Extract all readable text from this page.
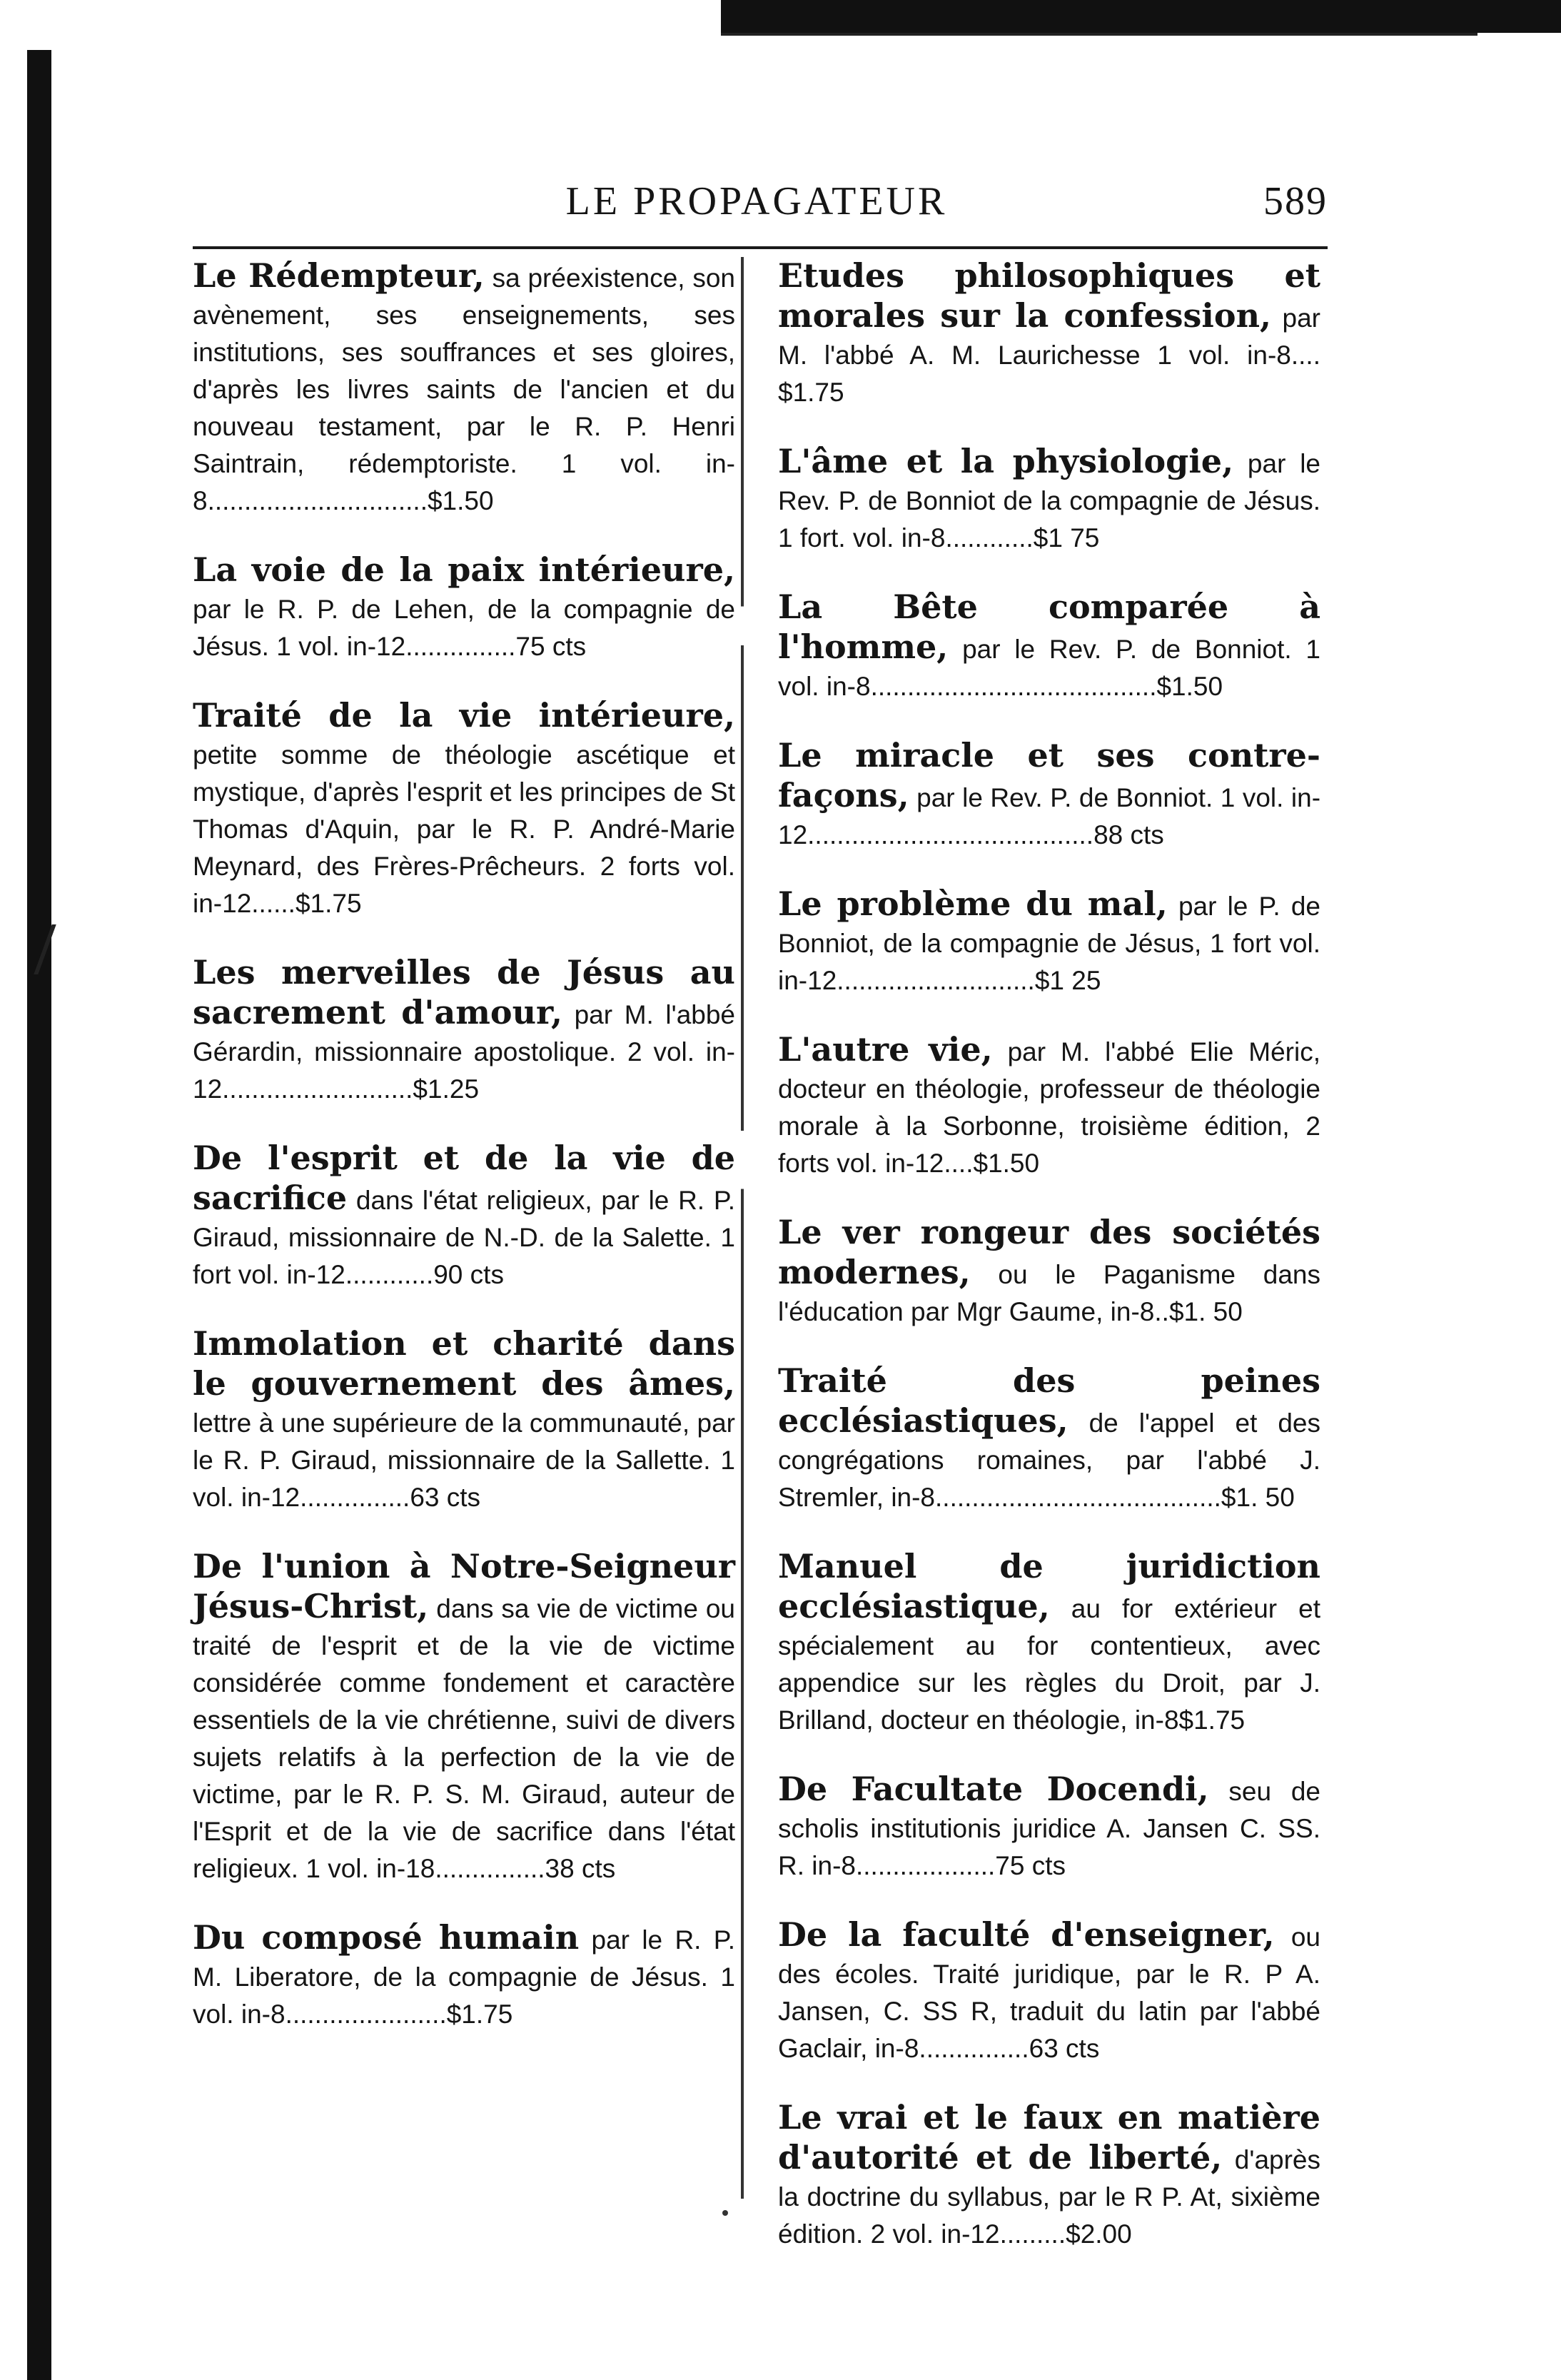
LE PROPAGATEUR	589

Le Rédempteur, sa préexistence, son avènement, ses enseignements, ses institutions, ses souffrances et ses gloires, d'après les livres saints de l'ancien et du nouveau testament, par le R. P. Henri Saintrain, rédemptoriste. 1 vol. in-8..............................$1.50

La voie de la paix intérieure, par le R. P. de Lehen, de la compagnie de Jésus. 1 vol. in-12...............75 cts

Traité de la vie intérieure, petite somme de théologie ascétique et mystique, d'après l'esprit et les principes de St Thomas d'Aquin, par le R. P. André-Marie Meynard, des Frères-Prêcheurs. 2 forts vol. in-12......$1.75

Les merveilles de Jésus au sacrement d'amour, par M. l'abbé Gérardin, missionnaire apostolique. 2 vol. in-12..........................$1.25

De l'esprit et de la vie de sacrifice dans l'état religieux, par le R. P. Giraud, missionnaire de N.-D. de la Salette. 1 fort vol. in-12............90 cts

Immolation et charité dans le gouvernement des âmes, lettre à une supérieure de la communauté, par le R. P. Giraud, missionnaire de la Sallette. 1 vol. in-12...............63 cts

De l'union à Notre-Seigneur Jésus-Christ, dans sa vie de victime ou traité de l'esprit et de la vie de victime considérée comme fondement et caractère essentiels de la vie chrétienne, suivi de divers sujets relatifs à la perfection de la vie de victime, par le R. P. S. M. Giraud, auteur de l'Esprit et de la vie de sacrifice dans l'état religieux. 1 vol. in-18...............38 cts

Du composé humain par le R. P. M. Liberatore, de la compagnie de Jésus. 1 vol. in-8......................$1.75

Etudes philosophiques et morales sur la confession, par M. l'abbé A. M. Laurichesse 1 vol. in-8.... $1.75

L'âme et la physiologie, par le Rev. P. de Bonniot de la compagnie de Jésus. 1 fort. vol. in-8............$1 75

La Bête comparée à l'homme, par le Rev. P. de Bonniot. 1 vol. in-8.......................................$1.50

Le miracle et ses contre-façons, par le Rev. P. de Bonniot. 1 vol. in-12.......................................88 cts

Le problème du mal, par le P. de Bonniot, de la compagnie de Jésus, 1 fort vol. in-12...........................$1 25

L'autre vie, par M. l'abbé Elie Méric, docteur en théologie, professeur de théologie morale à la Sorbonne, troisième édition, 2 forts vol. in-12....$1.50

Le ver rongeur des sociétés modernes, ou le Paganisme dans l'éducation par Mgr Gaume, in-8..$1. 50

Traité des peines ecclésiastiques, de l'appel et des congrégations romaines, par l'abbé J. Stremler, in-8.......................................$1. 50

Manuel de juridiction ecclésiastique, au for extérieur et spécialement au for contentieux, avec appendice sur les règles du Droit, par J. Brilland, docteur en théologie, in-8$1.75

De Facultate Docendi, seu de scholis institutionis juridice A. Jansen C. SS. R. in-8...................75 cts

De la faculté d'enseigner, ou des écoles. Traité juridique, par le R. P A. Jansen, C. SS R, traduit du latin par l'abbé Gaclair, in-8...............63 cts

Le vrai et le faux en matière d'autorité et de liberté, d'après la doctrine du syllabus, par le R P. At, sixième édition. 2 vol. in-12.........$2.00
